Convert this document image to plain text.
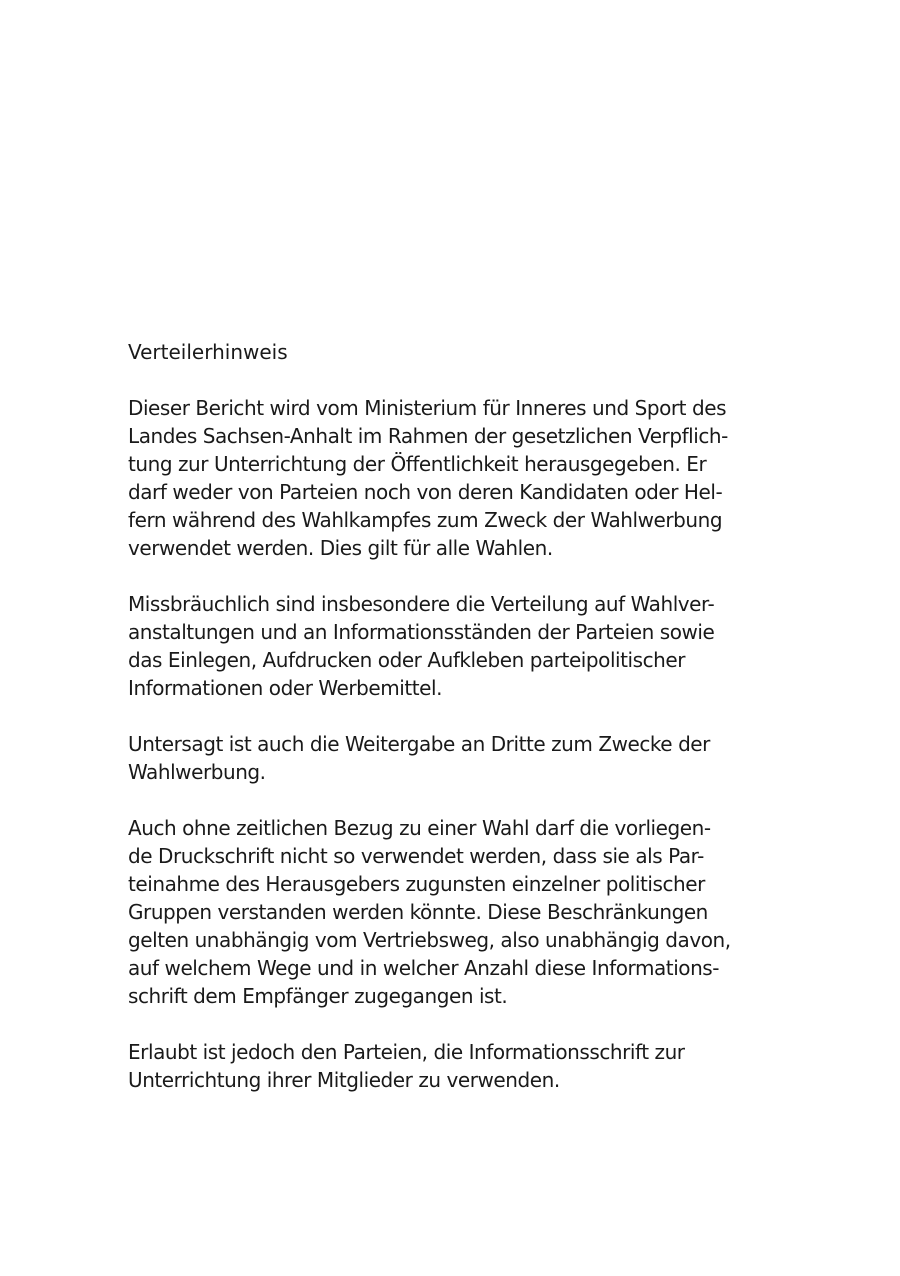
Verteilerhinweis
Dieser Bericht wird vom Ministerium für Inneres und Sport des
Landes Sachsen-Anhalt im Rahmen der gesetzlichen Verpflich-
tung zur Unterrichtung der Öffentlichkeit herausgegeben. Er
darf weder von Parteien noch von deren Kandidaten oder Hel-
fern während des Wahlkampfes zum Zweck der Wahlwerbung
verwendet werden. Dies gilt für alle Wahlen.
Missbräuchlich sind insbesondere die Verteilung auf Wahlver-
anstaltungen und an Informationsständen der Parteien sowie
das Einlegen, Aufdrucken oder Aufkleben parteipolitischer
Informationen oder Werbemittel.
Untersagt ist auch die Weitergabe an Dritte zum Zwecke der
Wahlwerbung.
Auch ohne zeitlichen Bezug zu einer Wahl darf die vorliegen-
de Druckschrift nicht so verwendet werden, dass sie als Par-
teinahme des Herausgebers zugunsten einzelner politischer
Gruppen verstanden werden könnte. Diese Beschränkungen
gelten unabhängig vom Vertriebsweg, also unabhängig davon,
auf welchem Wege und in welcher Anzahl diese Informations-
schrift dem Empfänger zugegangen ist.
Erlaubt ist jedoch den Parteien, die Informationsschrift zur
Unterrichtung ihrer Mitglieder zu verwenden.
